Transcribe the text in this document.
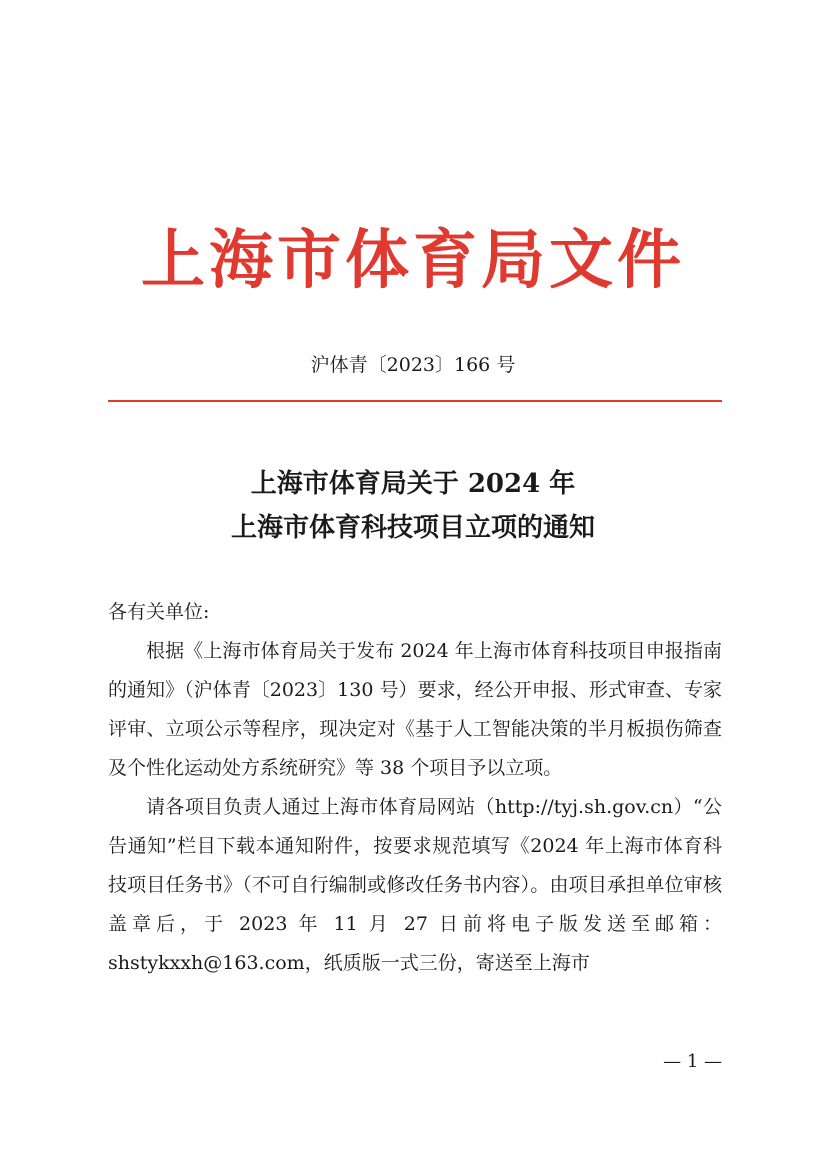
上海市体育局文件
沪体青〔2023〕166 号
上海市体育局关于 2024 年
上海市体育科技项目立项的通知

各有关单位:

根据《上海市体育局关于发布 2024 年上海市体育科技项目申报指南的通知》（沪体青〔2023〕130 号）要求，经公开申报、形式审查、专家评审、立项公示等程序，现决定对《基于人工智能决策的半月板损伤筛查及个性化运动处方系统研究》等 38 个项目予以立项。

请各项目负责人通过上海市体育局网站（http://tyj.sh.gov.cn）“公告通知”栏目下载本通知附件，按要求规范填写《2024 年上海市体育科技项目任务书》（不可自行编制或修改任务书内容）。由项目承担单位审核盖章后，于 2023 年 11 月 27 日前将电子版发送至邮箱：shstykxxh@163.com，纸质版一式三份，寄送至上海市

— 1 —
